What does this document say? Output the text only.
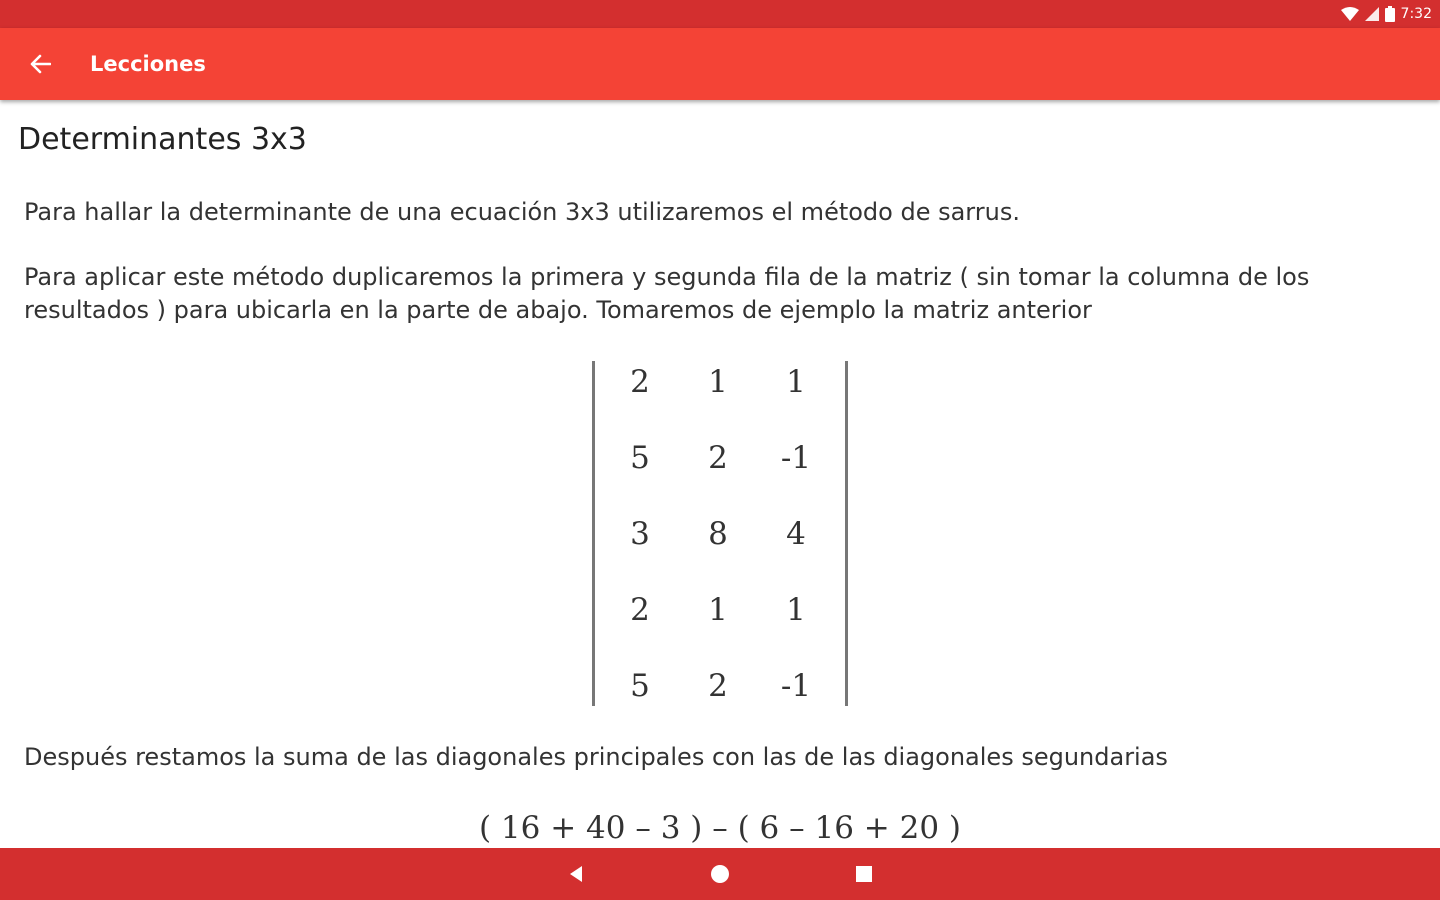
7:32
Lecciones
Determinantes 3x3
Para hallar la determinante de una ecuación 3x3 utilizaremos el método de sarrus.
Para aplicar este método duplicaremos la primera y segunda fila de la matriz ( sin tomar la columna de los resultados ) para ubicarla en la parte de abajo. Tomaremos de ejemplo la matriz anterior
2	1	1
5	2	-1
3	8	4
2	1	1
5	2	-1
Después restamos la suma de las diagonales principales con las de las diagonales segundarias
( 16 + 40 – 3 ) – ( 6 – 16 + 20 )
